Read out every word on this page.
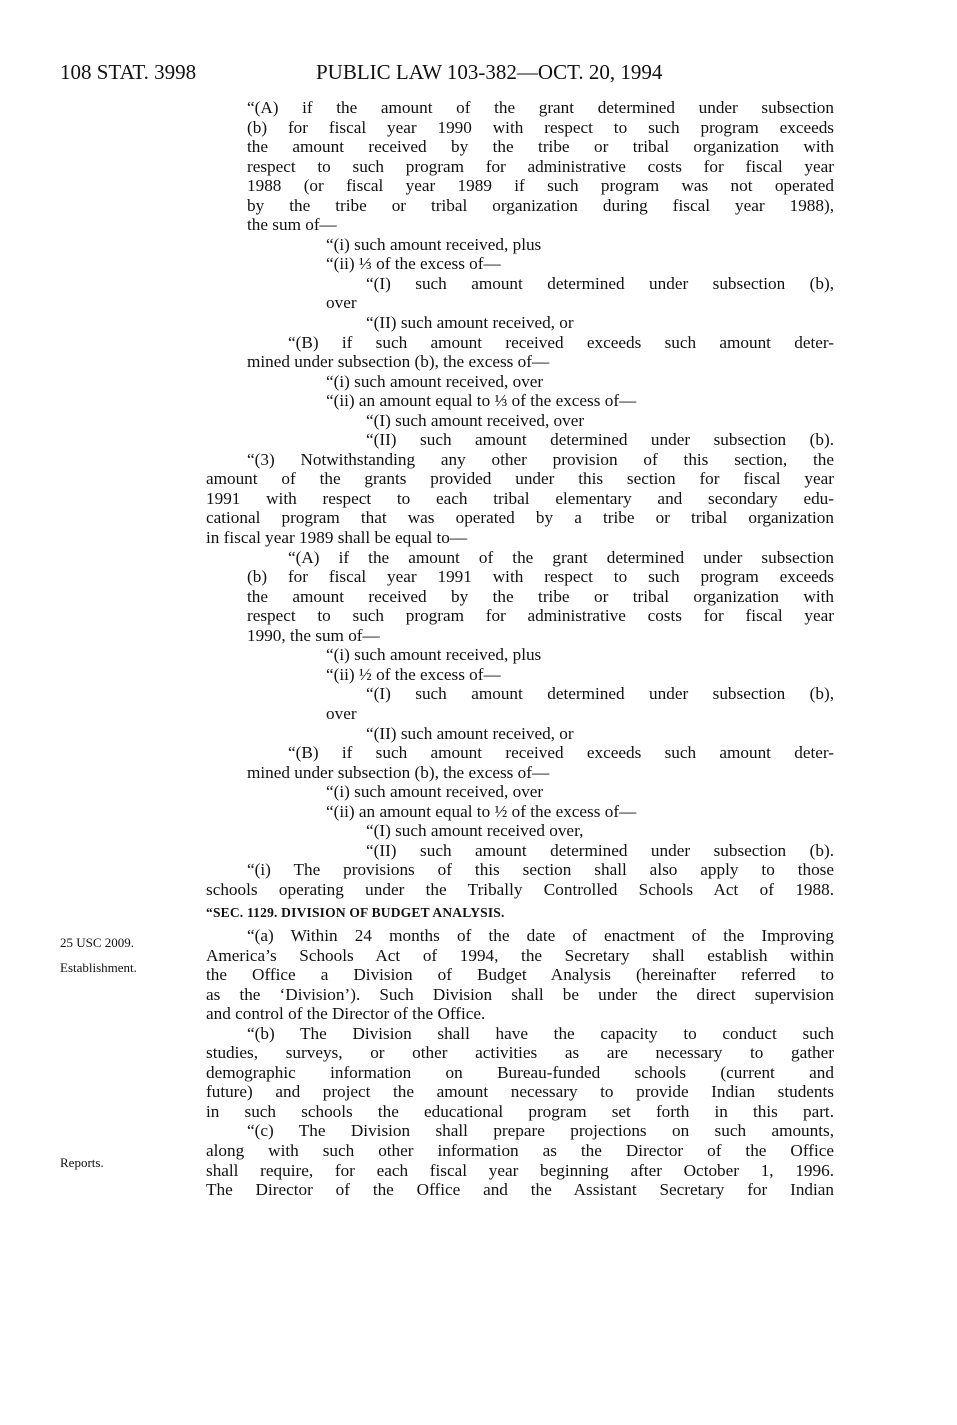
108 STAT. 3998	PUBLIC LAW 103-382—OCT. 20, 1994
25 USC 2009.
Establishment.
Reports.

“(A) if the amount of the grant determined under subsection

(b) for fiscal year 1990 with respect to such program exceeds

the amount received by the tribe or tribal organization with

respect to such program for administrative costs for fiscal year

1988 (or fiscal year 1989 if such program was not operated

by the tribe or tribal organization during fiscal year 1988),

the sum of—

“(i) such amount received, plus

“(ii) ⅓ of the excess of—

“(I) such amount determined under subsection (b),

over

“(II) such amount received, or

“(B) if such amount received exceeds such amount deter-

mined under subsection (b), the excess of—

“(i) such amount received, over

“(ii) an amount equal to ⅓ of the excess of—

“(I) such amount received, over

“(II) such amount determined under subsection (b).

“(3) Notwithstanding any other provision of this section, the

amount of the grants provided under this section for fiscal year

1991 with respect to each tribal elementary and secondary edu-

cational program that was operated by a tribe or tribal organization

in fiscal year 1989 shall be equal to—

“(A) if the amount of the grant determined under subsection

(b) for fiscal year 1991 with respect to such program exceeds

the amount received by the tribe or tribal organization with

respect to such program for administrative costs for fiscal year

1990, the sum of—

“(i) such amount received, plus

“(ii) ½ of the excess of—

“(I) such amount determined under subsection (b),

over

“(II) such amount received, or

“(B) if such amount received exceeds such amount deter-

mined under subsection (b), the excess of—

“(i) such amount received, over

“(ii) an amount equal to ½ of the excess of—

“(I) such amount received over,

“(II) such amount determined under subsection (b).

“(i) The provisions of this section shall also apply to those

schools operating under the Tribally Controlled Schools Act of 1988.

“SEC. 1129. DIVISION OF BUDGET ANALYSIS.

“(a) Within 24 months of the date of enactment of the Improving

America’s Schools Act of 1994, the Secretary shall establish within

the Office a Division of Budget Analysis (hereinafter referred to

as the ‘Division’). Such Division shall be under the direct supervision

and control of the Director of the Office.

“(b) The Division shall have the capacity to conduct such

studies, surveys, or other activities as are necessary to gather

demographic information on Bureau-funded schools (current and

future) and project the amount necessary to provide Indian students

in such schools the educational program set forth in this part.

“(c) The Division shall prepare projections on such amounts,

along with such other information as the Director of the Office

shall require, for each fiscal year beginning after October 1, 1996.

The Director of the Office and the Assistant Secretary for Indian
